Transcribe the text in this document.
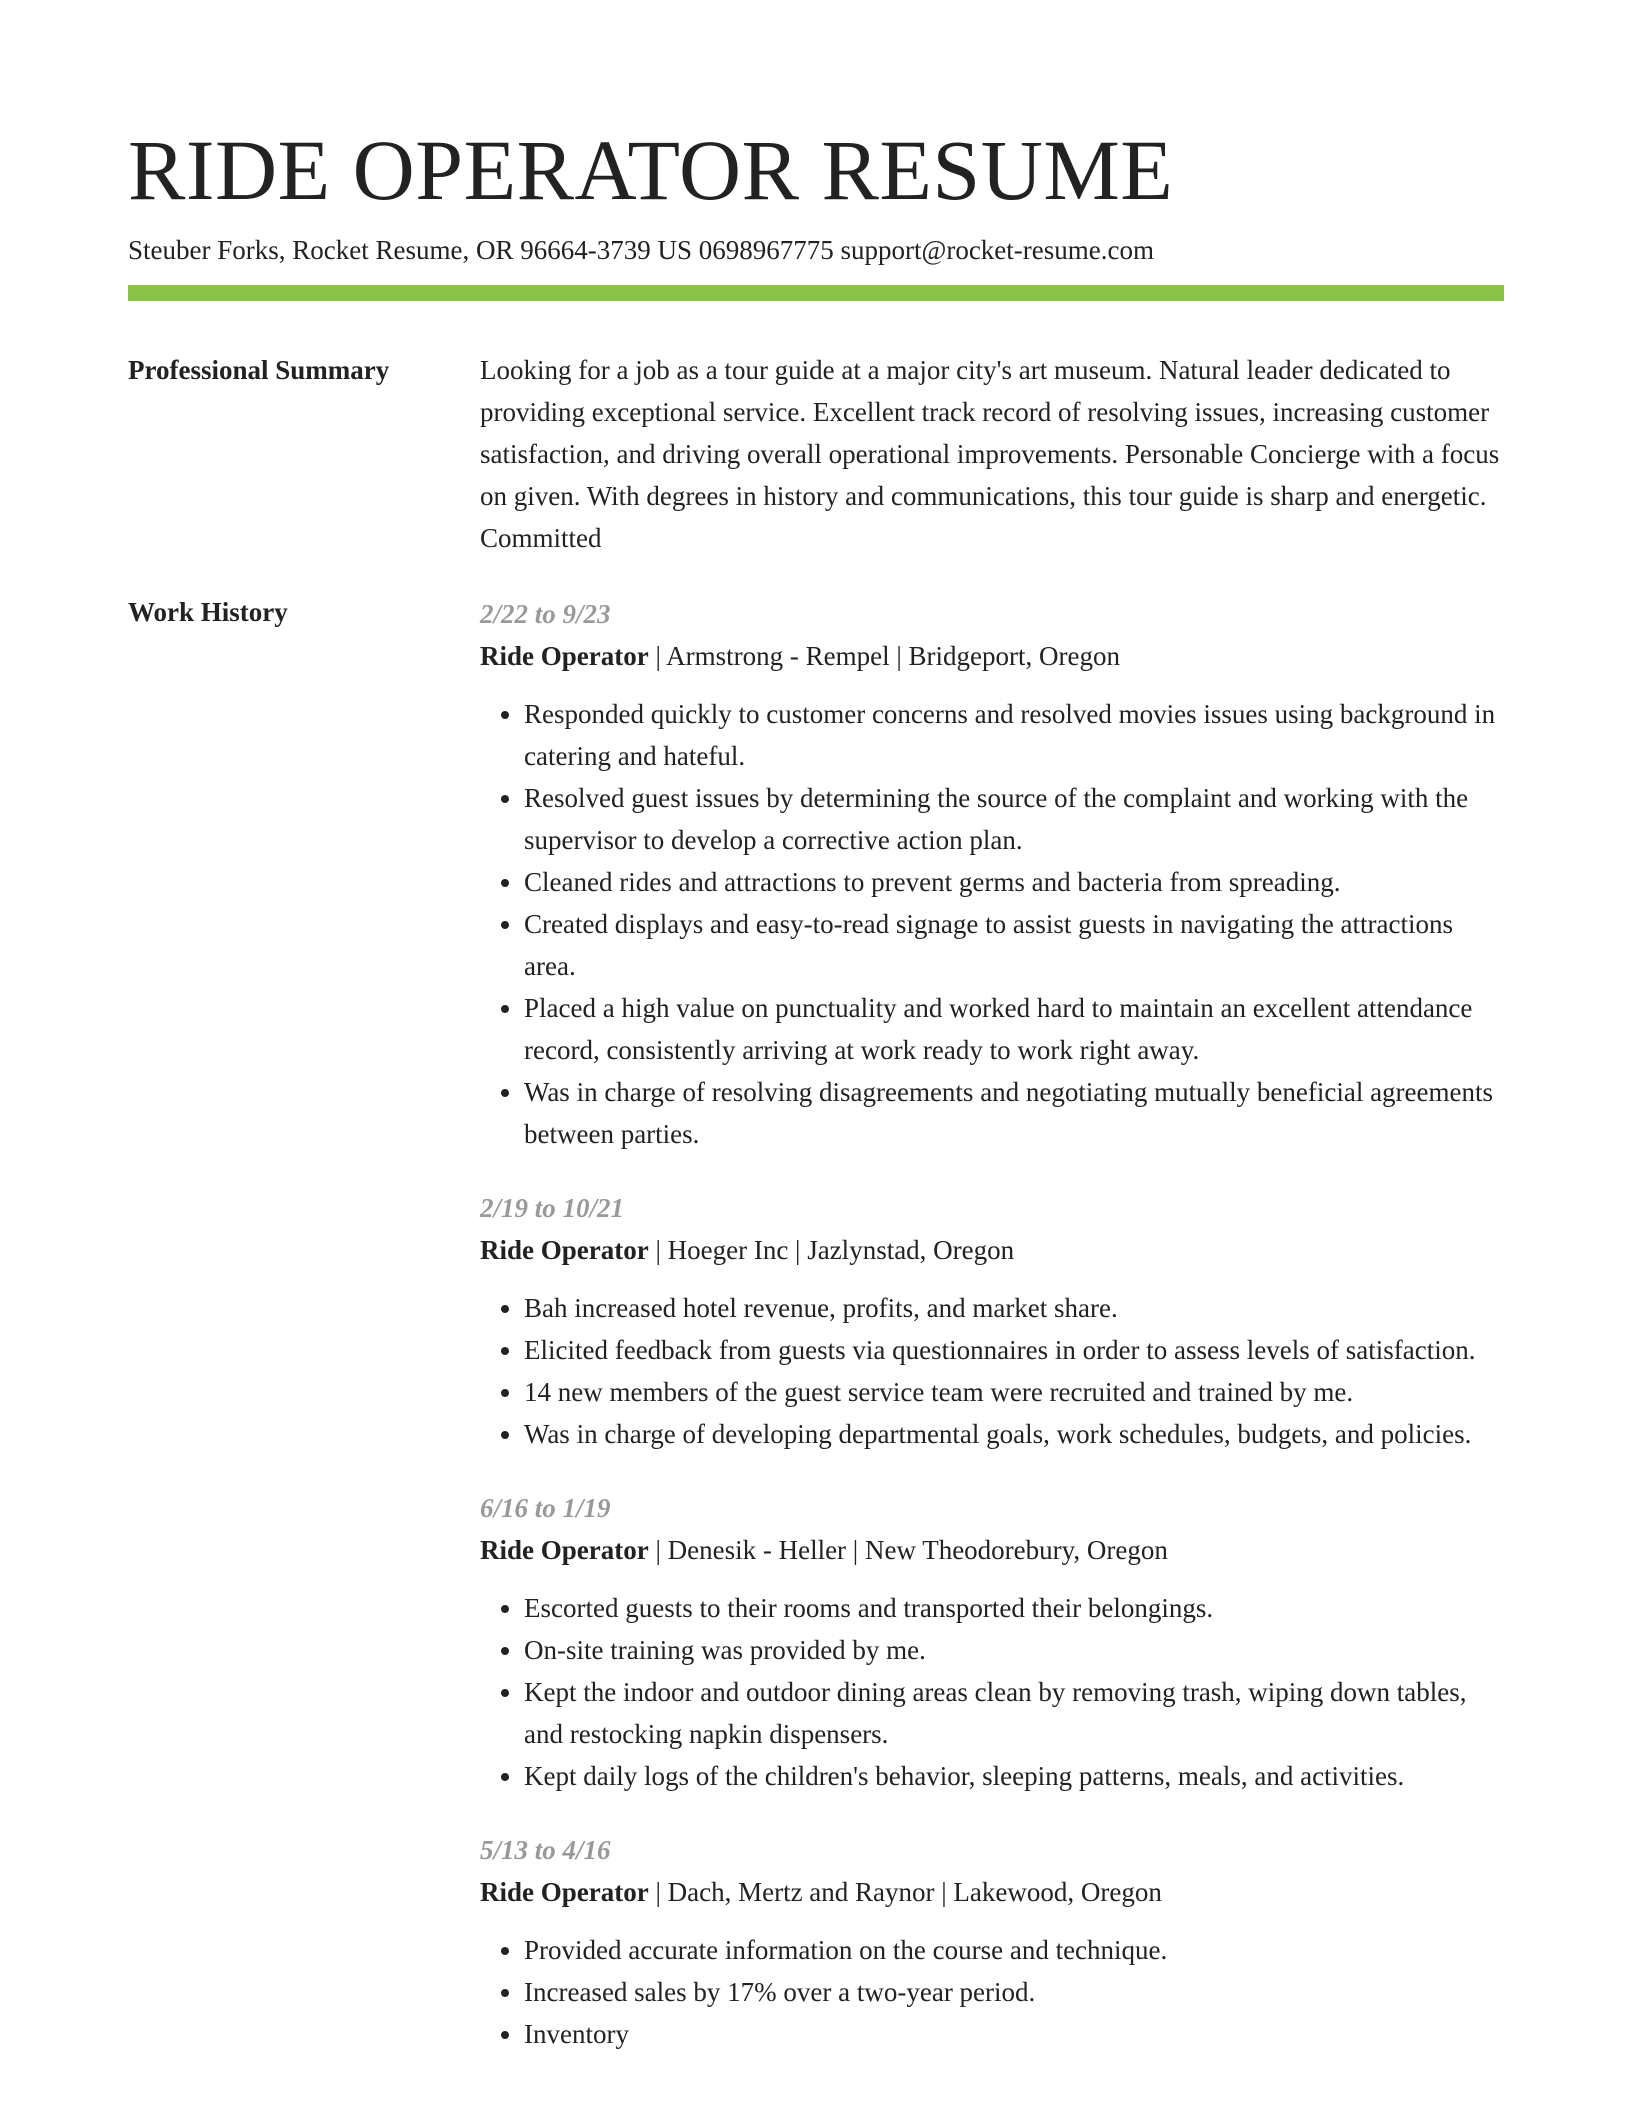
RIDE OPERATOR RESUME
Steuber Forks, Rocket Resume, OR 96664-3739 US 0698967775 support@rocket-resume.com
Professional Summary	Looking for a job as a tour guide at a major city's art museum. Natural leader dedicated to providing exceptional service. Excellent track record of resolving issues, increasing customer satisfaction, and driving overall operational improvements. Personable Concierge with a focus on given. With degrees in history and communications, this tour guide is sharp and energetic. Committed

Work History	2/22 to 9/23
Ride Operator | Armstrong - Rempel | Bridgeport, Oregon
• Responded quickly to customer concerns and resolved movies issues using background in catering and hateful.
• Resolved guest issues by determining the source of the complaint and working with the supervisor to develop a corrective action plan.
• Cleaned rides and attractions to prevent germs and bacteria from spreading.
• Created displays and easy-to-read signage to assist guests in navigating the attractions area.
• Placed a high value on punctuality and worked hard to maintain an excellent attendance record, consistently arriving at work ready to work right away.
• Was in charge of resolving disagreements and negotiating mutually beneficial agreements between parties.
2/19 to 10/21
Ride Operator | Hoeger Inc | Jazlynstad, Oregon
• Bah increased hotel revenue, profits, and market share.
• Elicited feedback from guests via questionnaires in order to assess levels of satisfaction.
• 14 new members of the guest service team were recruited and trained by me.
• Was in charge of developing departmental goals, work schedules, budgets, and policies.
6/16 to 1/19
Ride Operator | Denesik - Heller | New Theodorebury, Oregon
• Escorted guests to their rooms and transported their belongings.
• On-site training was provided by me.
• Kept the indoor and outdoor dining areas clean by removing trash, wiping down tables, and restocking napkin dispensers.
• Kept daily logs of the children's behavior, sleeping patterns, meals, and activities.
5/13 to 4/16
Ride Operator | Dach, Mertz and Raynor | Lakewood, Oregon
• Provided accurate information on the course and technique.
• Increased sales by 17% over a two-year period.
• Inventory
